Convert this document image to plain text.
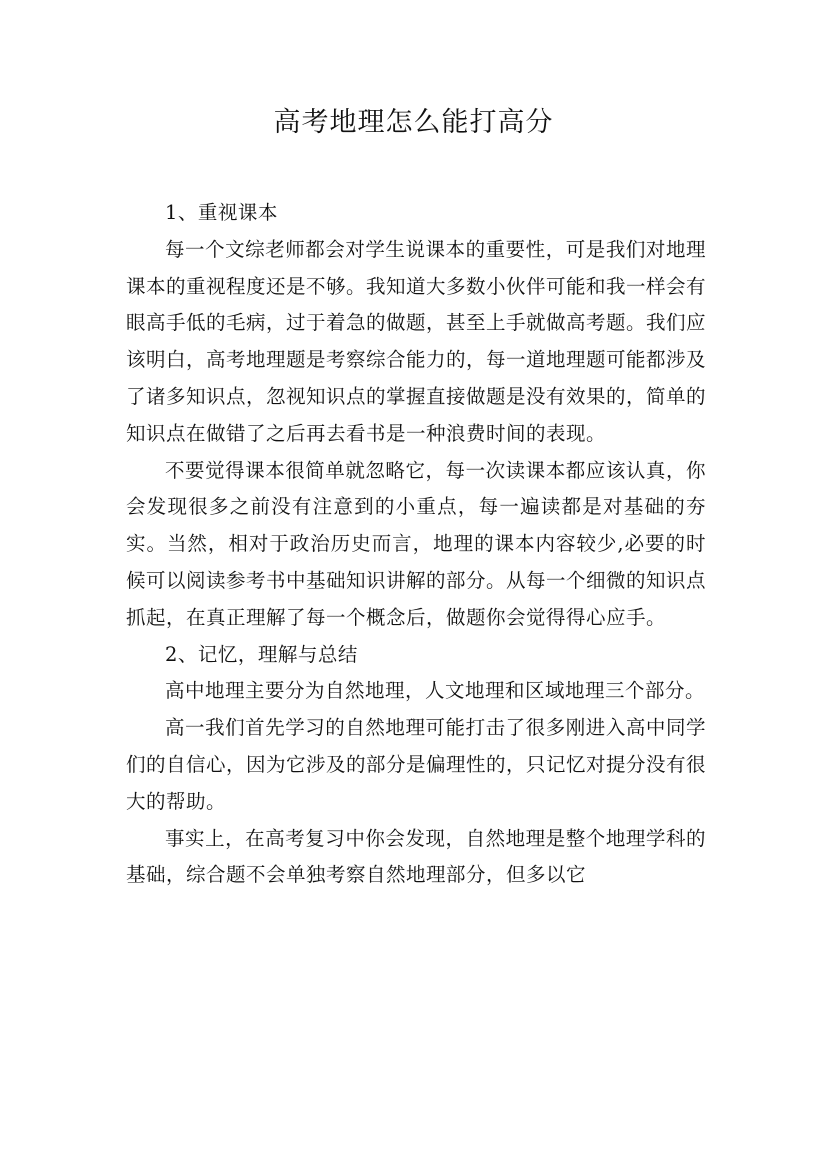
高考地理怎么能打高分

1、重视课本

每一个文综老师都会对学生说课本的重要性，可是我们对地理课本的重视程度还是不够。我知道大多数小伙伴可能和我一样会有眼高手低的毛病，过于着急的做题，甚至上手就做高考题。我们应该明白，高考地理题是考察综合能力的，每一道地理题可能都涉及了诸多知识点，忽视知识点的掌握直接做题是没有效果的，简单的知识点在做错了之后再去看书是一种浪费时间的表现。

不要觉得课本很简单就忽略它，每一次读课本都应该认真，你会发现很多之前没有注意到的小重点，每一遍读都是对基础的夯实。当然，相对于政治历史而言，地理的课本内容较少,必要的时候可以阅读参考书中基础知识讲解的部分。从每一个细微的知识点抓起，在真正理解了每一个概念后，做题你会觉得得心应手。

2、记忆，理解与总结

高中地理主要分为自然地理，人文地理和区域地理三个部分。

高一我们首先学习的自然地理可能打击了很多刚进入高中同学们的自信心，因为它涉及的部分是偏理性的，只记忆对提分没有很大的帮助。

事实上，在高考复习中你会发现，自然地理是整个地理学科的基础，综合题不会单独考察自然地理部分，但多以它
